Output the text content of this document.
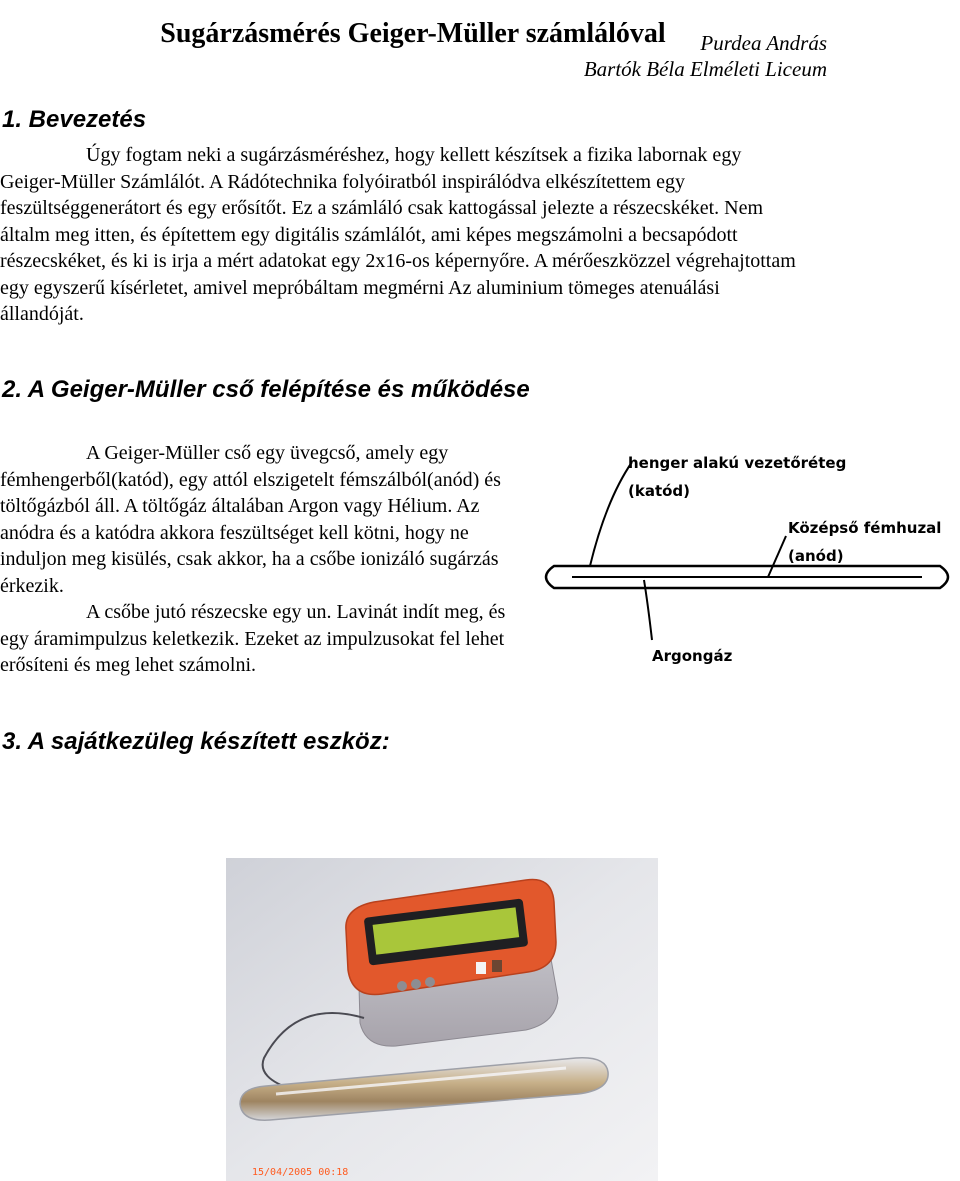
Sugárzásmérés Geiger-Müller számlálóval	Purdea András
Bartók Béla Elméleti Liceum
1. Bevezetés

Úgy fogtam neki a sugárzásméréshez, hogy kellett készítsek a fizika labornak egy Geiger-Müller Számlálót. A Rádótechnika folyóiratból inspirálódva elkészítettem egy feszültséggenerátort és egy erősítőt. Ez a számláló csak kattogással jelezte a részecskéket. Nem általm meg itten, és építettem egy digitális számlálót, ami képes megszámolni a becsapódott részecskéket, és ki is irja a mért adatokat egy 2x16-os képernyőre. A mérőeszközzel végrehajtottam egy egyszerű kísérletet, amivel mepróbáltam megmérni Az aluminium tömeges atenuálási állandóját.

2. A Geiger-Müller cső felépítése és működése

A Geiger-Müller cső egy üvegcső, amely egy fémhengerből(katód), egy attól elszigetelt fémszálból(anód) és töltőgázból áll. A töltőgáz általában Argon vagy Hélium. Az anódra és a katódra akkora feszültséget kell kötni, hogy ne induljon meg kisülés, csak akkor, ha a csőbe ionizáló sugárzás érkezik.

A csőbe jutó részecske egy un. Lavinát indít meg, és egy áramimpulzus keletkezik. Ezeket az impulzusokat fel lehet erősíteni és meg lehet számolni.

henger alakú vezetőréteg
(katód)
Középső fémhuzal
(anód)
Argongáz
3. A sajátkezüleg készített eszköz:
15/04/2005 00:18
